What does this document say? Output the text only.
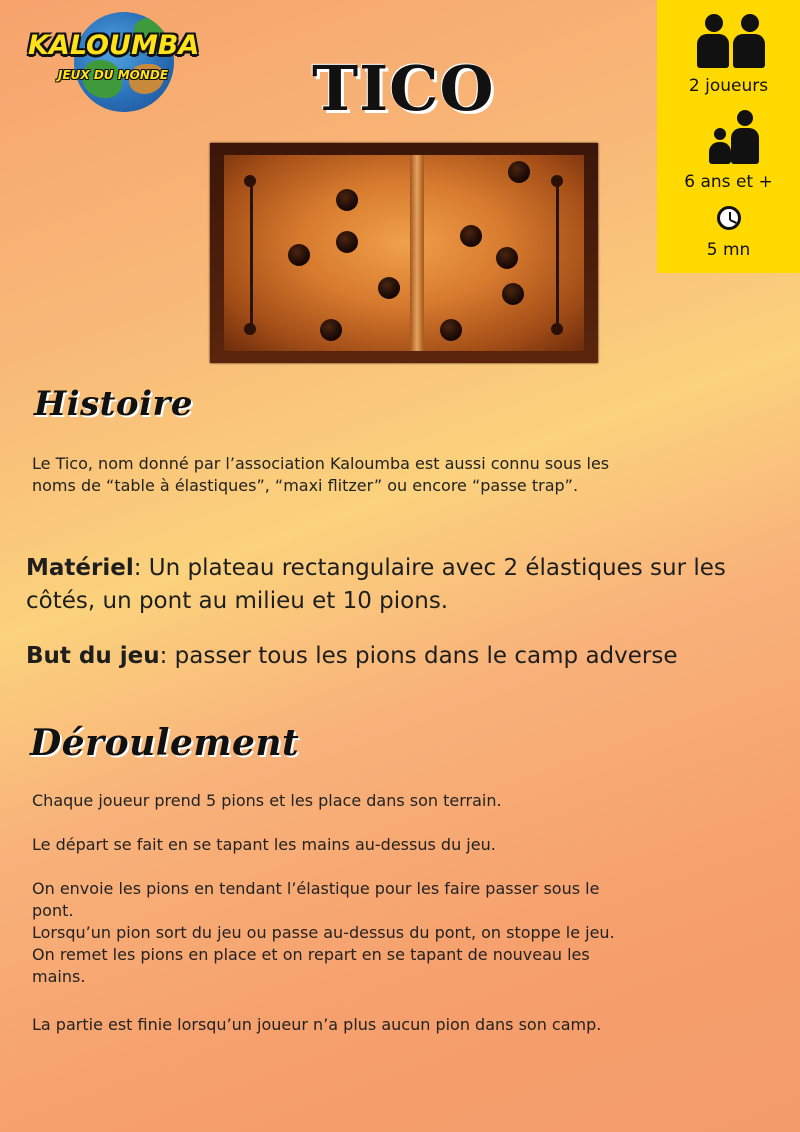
KALOUMBA
JEUX DU MONDE TICO	2 joueurs
6 ans et +
5 mn
Histoire
Le Tico, nom donné par l’association Kaloumba est aussi connu sous les
noms de “table à élastiques”, “maxi flitzer” ou encore “passe trap”.
Matériel: Un plateau rectangulaire avec 2 élastiques sur les côtés, un pont au milieu et 10 pions.
But du jeu: passer tous les pions dans le camp adverse
Déroulement
Chaque joueur prend 5 pions et les place dans son terrain.
Le départ se fait en se tapant les mains au-dessus du jeu.
On envoie les pions en tendant l’élastique pour les faire passer sous le
pont.
Lorsqu’un pion sort du jeu ou passe au-dessus du pont, on stoppe le jeu.
On remet les pions en place et on repart en se tapant de nouveau les
mains.
La partie est finie lorsqu’un joueur n’a plus aucun pion dans son camp.
